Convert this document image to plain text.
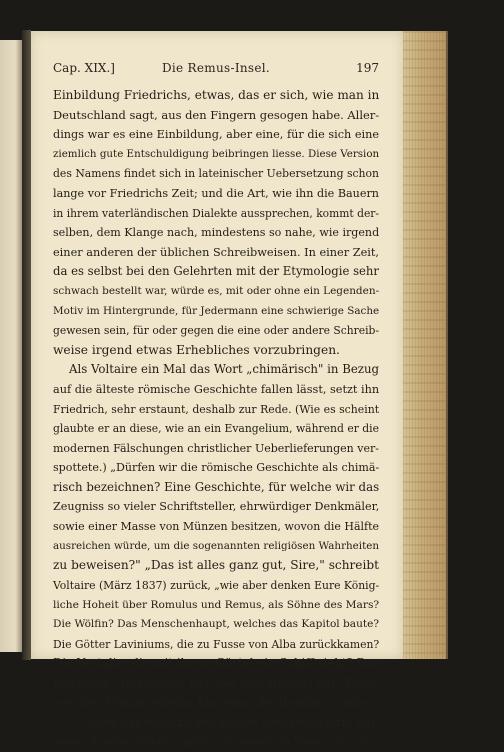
Cap. XIX.]	Die Remus-Insel.	197
Einbildung Friedrichs, etwas, das er sich, wie man in
Deutschland sagt, aus den Fingern gesogen habe. Aller-
dings war es eine Einbildung, aber eine, für die sich eine
ziemlich gute Entschuldigung beibringen liesse. Diese Version
des Namens findet sich in lateinischer Uebersetzung schon
lange vor Friedrichs Zeit; und die Art, wie ihn die Bauern
in ihrem vaterländischen Dialekte aussprechen, kommt der-
selben, dem Klange nach, mindestens so nahe, wie irgend
einer anderen der üblichen Schreibweisen. In einer Zeit,
da es selbst bei den Gelehrten mit der Etymologie sehr
schwach bestellt war, würde es, mit oder ohne ein Legenden-
Motiv im Hintergrunde, für Jedermann eine schwierige Sache
gewesen sein, für oder gegen die eine oder andere Schreib-
weise irgend etwas Erhebliches vorzubringen.
Als Voltaire ein Mal das Wort „chimärisch" in Bezug
auf die älteste römische Geschichte fallen lässt, setzt ihn
Friedrich, sehr erstaunt, deshalb zur Rede. (Wie es scheint
glaubte er an diese, wie an ein Evangelium, während er die
modernen Fälschungen christlicher Ueberlieferungen ver-
spottete.) „Dürfen wir die römische Geschichte als chimä-
risch bezeichnen? Eine Geschichte, für welche wir das
Zeugniss so vieler Schriftsteller, ehrwürdiger Denkmäler,
sowie einer Masse von Münzen besitzen, wovon die Hälfte
ausreichen würde, um die sogenannten religiösen Wahrheiten
zu beweisen?" „Das ist alles ganz gut, Sire," schreibt
Voltaire (März 1837) zurück, „wie aber denken Eure König-
liche Hoheit über Romulus und Remus, als Söhne des Mars?
Die Wölfin? Das Menschenhaupt, welches das Kapitol baute?
Die Götter Laviniums, die zu Fusse von Alba zurückkamen?
Die Vestalin, die mit ihrem Gürtel ein Schiff zieht? Das
Palladium? Das Schild, welches vom Himmel fiel? Enfin,
wie über Mutius Scävola, Lucretius, die Horatier, Curtius?
. . . . . Alles das muss zu den Hallen Odins wandern, mit-
sammt unseren Sainte ampoule, chemise de la Vierge, etc. etc."
